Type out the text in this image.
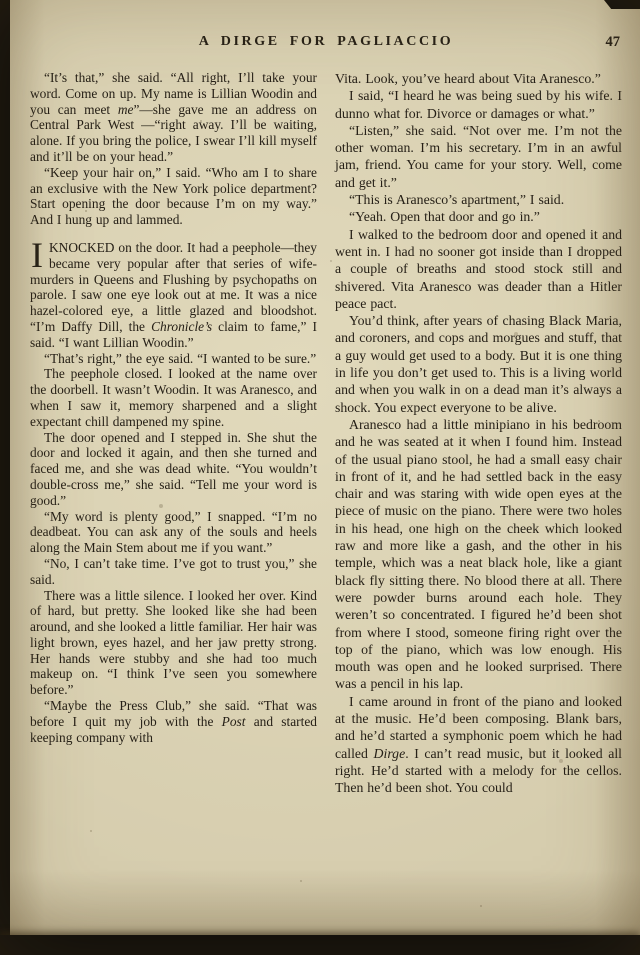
A DIRGE FOR PAGLIACCIO	47

“It’s that,” she said. “All right, I’ll take your word. Come on up. My name is Lillian Woodin and you can meet me”—she gave me an address on Central Park West —“right away. I’ll be waiting, alone. If you bring the police, I swear I’ll kill myself and it’ll be on your head.”

“Keep your hair on,” I said. “Who am I to share an exclusive with the New York police department? Start opening the door because I’m on my way.” And I hung up and lammed.

IKNOCKED on the door. It had a peephole—they became very popular after that series of wife-murders in Queens and Flushing by psychopaths on parole. I saw one eye look out at me. It was a nice hazel-colored eye, a little glazed and bloodshot. “I’m Daffy Dill, the Chronicle’s claim to fame,” I said. “I want Lillian Woodin.”

“That’s right,” the eye said. “I wanted to be sure.”

The peephole closed. I looked at the name over the doorbell. It wasn’t Woodin. It was Aranesco, and when I saw it, memory sharpened and a slight expectant chill dampened my spine.

The door opened and I stepped in. She shut the door and locked it again, and then she turned and faced me, and she was dead white. “You wouldn’t double-cross me,” she said. “Tell me your word is good.”

“My word is plenty good,” I snapped. “I’m no deadbeat. You can ask any of the souls and heels along the Main Stem about me if you want.”

“No, I can’t take time. I’ve got to trust you,” she said.

There was a little silence. I looked her over. Kind of hard, but pretty. She looked like she had been around, and she looked a little familiar. Her hair was light brown, eyes hazel, and her jaw pretty strong. Her hands were stubby and she had too much makeup on. “I think I’ve seen you somewhere before.”

“Maybe the Press Club,” she said. “That was before I quit my job with the Post and started keeping company with

Vita. Look, you’ve heard about Vita Aranesco.”

I said, “I heard he was being sued by his wife. I dunno what for. Divorce or damages or what.”

“Listen,” she said. “Not over me. I’m not the other woman. I’m his secretary. I’m in an awful jam, friend. You came for your story. Well, come and get it.”

“This is Aranesco’s apartment,” I said.

“Yeah. Open that door and go in.”

I walked to the bedroom door and opened it and went in. I had no sooner got inside than I dropped a couple of breaths and stood stock still and shivered. Vita Aranesco was deader than a Hitler peace pact.

You’d think, after years of chasing Black Maria, and coroners, and cops and morgues and stuff, that a guy would get used to a body. But it is one thing in life you don’t get used to. This is a living world and when you walk in on a dead man it’s always a shock. You expect everyone to be alive.

Aranesco had a little minipiano in his bedroom and he was seated at it when I found him. Instead of the usual piano stool, he had a small easy chair in front of it, and he had settled back in the easy chair and was staring with wide open eyes at the piece of music on the piano. There were two holes in his head, one high on the cheek which looked raw and more like a gash, and the other in his temple, which was a neat black hole, like a giant black fly sitting there. No blood there at all. There were powder burns around each hole. They weren’t so concentrated. I figured he’d been shot from where I stood, someone firing right over the top of the piano, which was low enough. His mouth was open and he looked surprised. There was a pencil in his lap.

I came around in front of the piano and looked at the music. He’d been composing. Blank bars, and he’d started a symphonic poem which he had called Dirge. I can’t read music, but it looked all right. He’d started with a melody for the cellos. Then he’d been shot. You could
